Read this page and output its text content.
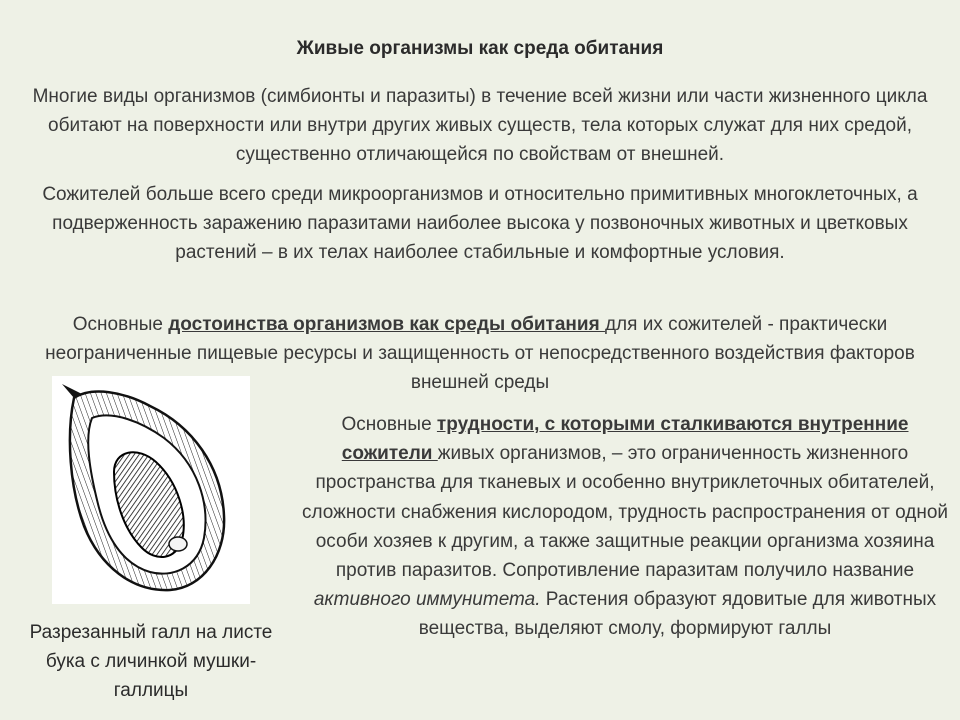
Живые организмы как среда обитания
Многие виды организмов (симбионты и паразиты) в течение всей жизни или части жизненного цикла обитают на поверхности или внутри других живых существ, тела которых служат для них средой, существенно отличающейся по свойствам от внешней.
Сожителей больше всего среди микроорганизмов и относительно примитивных многоклеточных, а подверженность заражению паразитами наиболее высока у позвоночных животных и цветковых растений – в их телах наиболее стабильные и комфортные условия.
Основные достоинства организмов как среды обитания для их сожителей - практически неограниченные пищевые ресурсы и защищенность от непосредственного воздействия факторов внешней среды
Разрезанный галл на листе бука с личинкой мушки-галлицы
Основные трудности, с которыми сталкиваются внутренние сожители живых организмов, – это ограниченность жизненного пространства для тканевых и особенно внутриклеточных обитателей, сложности снабжения кислородом, трудность распространения от одной особи хозяев к другим, а также защитные реакции организма хозяина против паразитов. Сопротивление паразитам получило название активного иммунитета. Растения образуют ядовитые для животных вещества, выделяют смолу, формируют галлы
